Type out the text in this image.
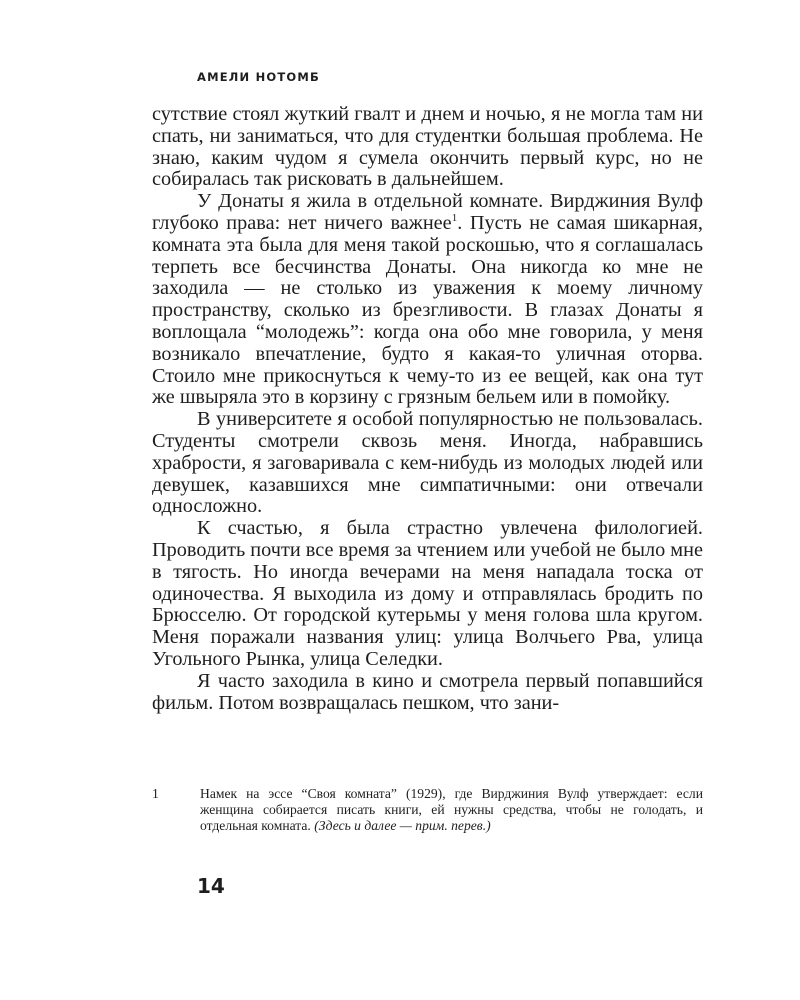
АМЕЛИ НОТОМБ

сутствие стоял жуткий гвалт и днем и ночью, я не могла там ни спать, ни заниматься, что для студентки большая проблема. Не знаю, каким чудом я сумела окончить первый курс, но не собиралась так рисковать в дальнейшем.

У Донаты я жила в отдельной комнате. Вирджиния Вулф глубоко права: нет ничего важнее$^1$. Пусть не самая шикарная, комната эта была для меня такой роскошью, что я соглашалась терпеть все бесчинства Донаты. Она никогда ко мне не заходила — не столько из уважения к моему личному пространству, сколько из брезгливости. В глазах Донаты я воплощала “молодежь”: когда она обо мне говорила, у меня возникало впечатление, будто я какая-то уличная оторва. Стоило мне прикоснуться к чему-то из ее вещей, как она тут же швыряла это в корзину с грязным бельем или в помойку.

В университете я особой популярностью не пользовалась. Студенты смотрели сквозь меня. Иногда, набравшись храбрости, я заговаривала с кем-нибудь из молодых людей или девушек, казавшихся мне симпатичными: они отвечали односложно.

К счастью, я была страстно увлечена филологией. Проводить почти все время за чтением или учебой не было мне в тягость. Но иногда вечерами на меня нападала тоска от одиночества. Я выходила из дому и отправлялась бродить по Брюсселю. От городской кутерьмы у меня голова шла кругом. Меня поражали названия улиц: улица Волчьего Рва, улица Угольного Рынка, улица Селедки.

Я часто заходила в кино и смотрела первый попавшийся фильм. Потом возвращалась пешком, что зани-

1	Намек на эссе “Своя комната” (1929), где Вирджиния Вулф утверждает: если женщина собирается писать книги, ей нужны средства, чтобы не голодать, и отдельная комната. (Здесь и далее — прим. перев.)
14
